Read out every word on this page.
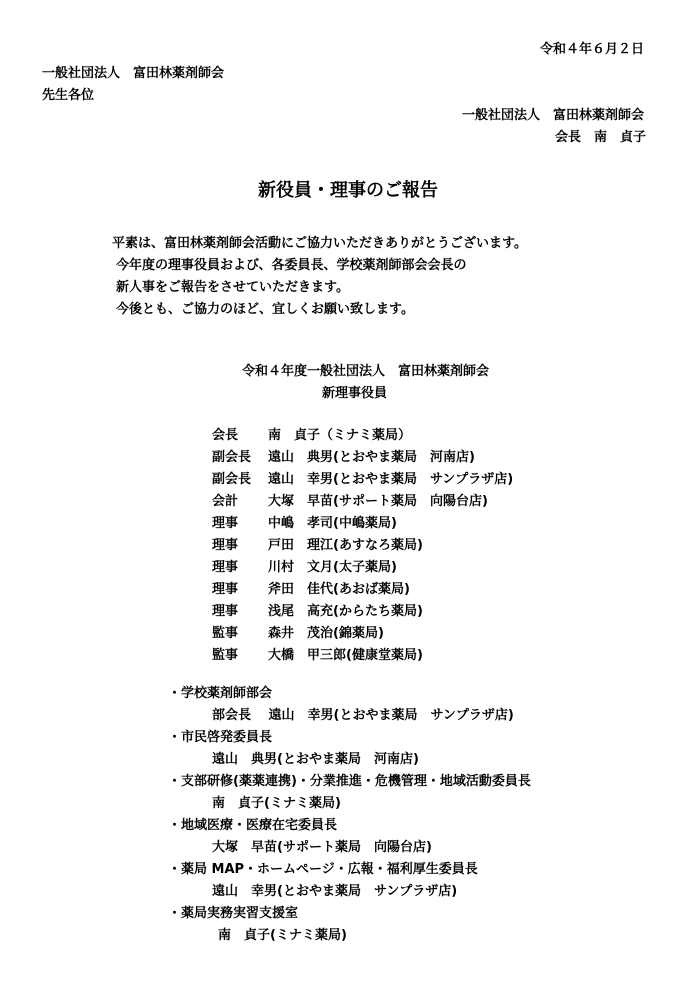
令和４年６月２日
一般社団法人　富田林薬剤師会
先生各位
一般社団法人　富田林薬剤師会
会長　南　貞子
新役員・理事のご報告
平素は、富田林薬剤師会活動にご協力いただきありがとうございます。
今年度の理事役員および、各委員長、学校薬剤師部会会長の
新人事をご報告をさせていただきます。
今後とも、ご協力のほど、宜しくお願い致します。
令和４年度一般社団法人　富田林薬剤師会
新理事役員
会長 南　貞子（ミナミ薬局）
副会長 遠山　典男(とおやま薬局　河南店)
副会長 遠山　幸男(とおやま薬局　サンプラザ店)
会計 大塚　早苗(サポート薬局　向陽台店)
理事 中嶋　孝司(中嶋薬局)
理事 戸田　理江(あすなろ薬局)
理事 川村　文月(太子薬局)
理事 斧田　佳代(あおば薬局)
理事 浅尾　高充(からたち薬局)
監事 森井　茂治(錦薬局)
監事 大橋　甲三郎(健康堂薬局)
・学校薬剤師部会
部会長　 遠山　幸男(とおやま薬局　サンプラザ店)
・市民啓発委員長
遠山　典男(とおやま薬局　河南店)
・支部研修(薬薬連携)・分業推進・危機管理・地域活動委員長
南　貞子(ミナミ薬局)
・地域医療・医療在宅委員長
大塚　早苗(サポート薬局　向陽台店)
・薬局 MAP・ホームページ・広報・福利厚生委員長
遠山　幸男(とおやま薬局　サンプラザ店)
・薬局実務実習支援室
南　貞子(ミナミ薬局)
